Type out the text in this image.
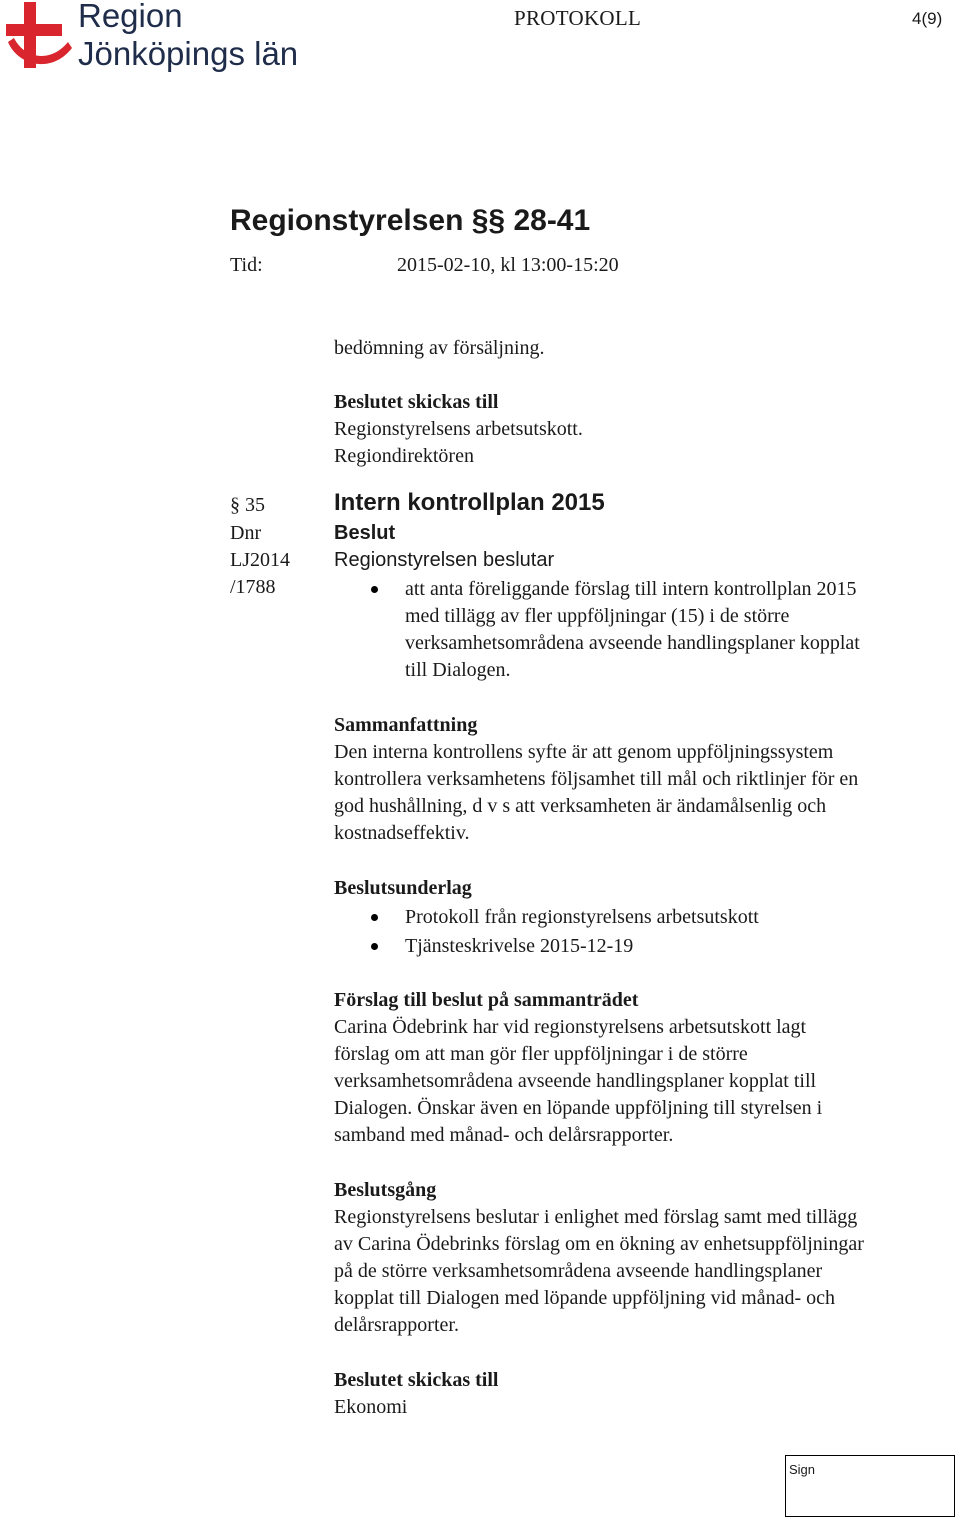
Region
Jönköpings län
PROTOKOLL	4(9)
Regionstyrelsen §§ 28-41
Tid:	2015-02-10, kl 13:00-15:20
bedömning av försäljning.
Beslutet skickas till
Regionstyrelsens arbetsutskott.
Regiondirektören
§ 35
Dnr
LJ2014
/1788
Intern kontrollplan 2015
Beslut
Regionstyrelsen beslutar
att anta föreliggande förslag till intern kontrollplan 2015
med tillägg av fler uppföljningar (15) i de större
verksamhetsområdena avseende handlingsplaner kopplat
till Dialogen.
Sammanfattning
Den interna kontrollens syfte är att genom uppföljningssystem
kontrollera verksamhetens följsamhet till mål och riktlinjer för en
god hushållning, d v s att verksamheten är ändamålsenlig och
kostnadseffektiv.
Beslutsunderlag
Protokoll från regionstyrelsens arbetsutskott
Tjänsteskrivelse 2015-12-19
Förslag till beslut på sammanträdet
Carina Ödebrink har vid regionstyrelsens arbetsutskott lagt
förslag om att man gör fler uppföljningar i de större
verksamhetsområdena avseende handlingsplaner kopplat till
Dialogen. Önskar även en löpande uppföljning till styrelsen i
samband med månad- och delårsrapporter.
Beslutsgång
Regionstyrelsens beslutar i enlighet med förslag samt med tillägg
av Carina Ödebrinks förslag om en ökning av enhetsuppföljningar
på de större verksamhetsområdena avseende handlingsplaner
kopplat till Dialogen med löpande uppföljning vid månad- och
delårsrapporter.
Beslutet skickas till
Ekonomi
Sign
